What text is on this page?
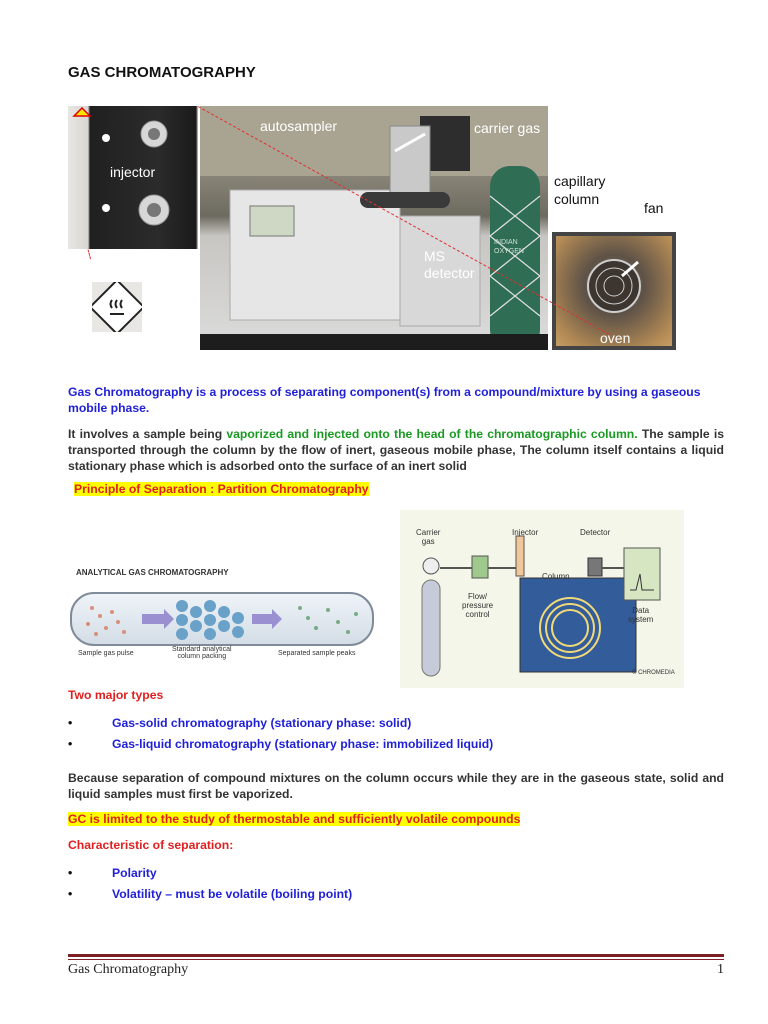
GAS CHROMATOGRAPHY
injector
autosampler	carrier gas
MS
detector
INDIAN OXYGEN
capillary
column
fan
oven
Gas Chromatography is a process of separating component(s) from a compound/mixture by using a gaseous mobile phase.
It involves a sample being vaporized and injected onto the head of the chromatographic column. The sample is transported through the column by the flow of inert, gaseous mobile phase, The column itself contains a liquid stationary phase which is adsorbed onto the surface of an inert solid
Principle of Separation : Partition Chromatography
ANALYTICAL GAS CHROMATOGRAPHY
Sample gas pulse
Standard analytical
column packing	Separated sample peaks
Carrier
gas
Injector	Detector
Column
Flow/
pressure
control	Data
system
© CHROMEDIA
Two major types
•	Gas-solid chromatography (stationary phase: solid)
•	Gas-liquid chromatography (stationary phase: immobilized liquid)
Because separation of compound mixtures on the column occurs while they are in the gaseous state, solid and liquid samples must first be vaporized.
GC is limited to the study of thermostable and sufficiently volatile compounds
Characteristic of separation:
•	Polarity
•	Volatility – must be volatile (boiling point)
Gas Chromatography	1
